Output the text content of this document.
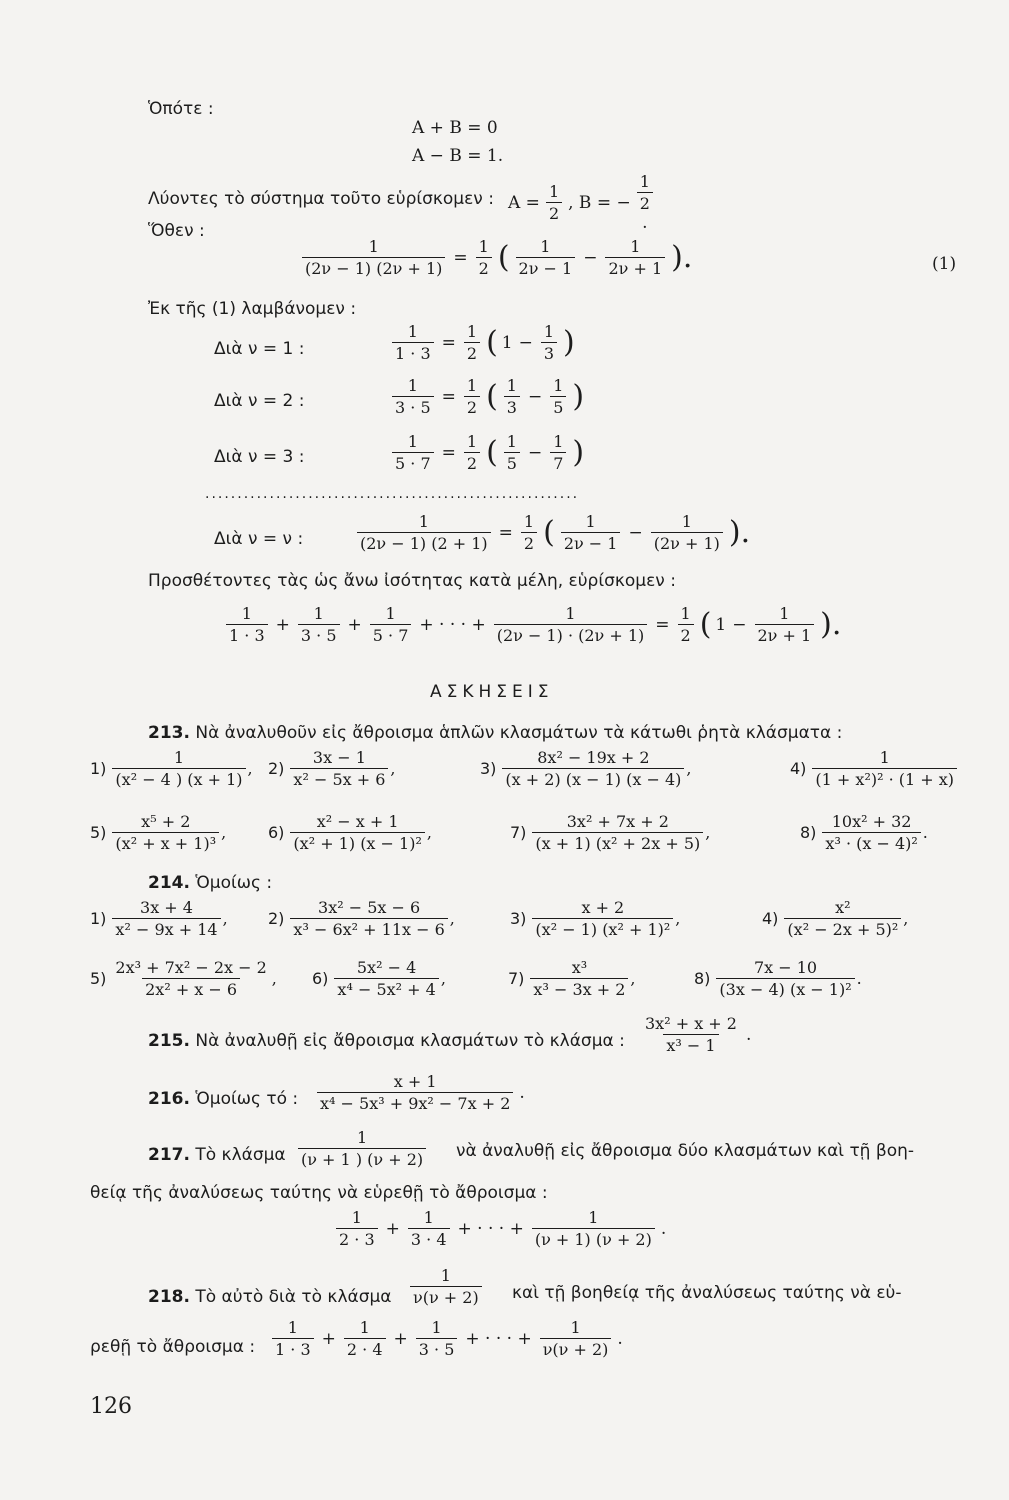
Ὁπότε :
A + B = 0
A − B = 1.
Λύοντες τὸ σύστημα τοῦτο εὑρίσκομεν : $A = \frac{1}{2}$ , B = −
1
2
.
Ὅθεν :
$\frac{1}{(2\nu - 1) (2\nu + 1)} = \frac{1}{2}$ ( $\frac{1}{2\nu - 1} - \frac{1}{2\nu + 1}$ ).	(1)
Ἐκ τῆς (1) λαμβάνομεν :
Διὰ ν = 1 :	$\frac{1}{1 \cdot 3} = \frac{1}{2}$ ( $1 - \frac{1}{3}$ )
Διὰ ν = 2 :	$\frac{1}{3 \cdot 5} = \frac{1}{2}$ ( $\frac{1}{3} - \frac{1}{5}$ )
Διὰ ν = 3 :	$\frac{1}{5 \cdot 7} = \frac{1}{2}$ ( $\frac{1}{5} - \frac{1}{7}$ )
..........................................................
Διὰ ν = ν :	$\frac{1}{(2\nu - 1) (2 + 1)} = \frac{1}{2}$ ( $\frac{1}{2\nu - 1} - \frac{1}{(2\nu + 1)}$ ).
Προσθέτοντες τὰς ὡς ἄνω ἰσότητας κατὰ μέλη, εὑρίσκομεν :
$\frac{1}{1 \cdot 3} + \frac{1}{3 \cdot 5} + \frac{1}{5 \cdot 7}$ + · · · + $\frac{1}{(2\nu - 1) \cdot (2\nu + 1)} = \frac{1}{2}$ ( $1 - \frac{1}{2\nu + 1}$ ).
ΑΣΚΗΣΕΙΣ
213. Νὰ ἀναλυθοῦν εἰς ἄθροισμα ἁπλῶν κλασμάτων τὰ κάτωθι ῥητὰ κλάσματα :
$1) \frac{1}{\text{(x² − 4 ) (x + 1)}}$ , $2) \frac{3x - 1}{\text{x² − 5x + 6}}$ ,	$3) \frac{\text{8x² − 19x + 2}}{(x + 2) (x - 1) (x - 4)}$ ,	$4) \frac{1}{\text{(1 + x²)² · (1 + x)}}$
$5) \frac{\text{x⁵ + 2}}{\text{(x² + x + 1)³}}$ ,	$6) \frac{\text{x² − x + 1}}{\text{(x² + 1) (x − 1)²}}$ ,	$7) \frac{\text{3x² + 7x + 2}}{\text{(x + 1) (x² + 2x + 5)}}$ ,	$8) \frac{\text{10x² + 32}}{\text{x³ · (x − 4)²}}$ .
214. Ὁμοίως :
$1) \frac{3x + 4}{\text{x² − 9x + 14}}$ ,	$2) \frac{\text{3x² − 5x − 6}}{\text{x³ − 6x² + 11x − 6}}$ ,	$3) \frac{x + 2}{\text{(x² − 1) (x² + 1)²}}$ ,	$4) \frac{\text{x²}}{\text{(x² − 2x + 5)²}}$ ,
$5) \frac{\text{2x³ + 7x² − 2x − 2}}{\text{2x² + x − 6}}$ , $6) \frac{\text{5x² − 4}}{\text{x⁴ − 5x² + 4}}$ ,	$7) \frac{\text{x³}}{\text{x³ − 3x + 2}}$ ,	$8) \frac{7x - 10}{\text{(3x − 4) (x − 1)²}}$ .
215. Νὰ ἀναλυθῇ εἰς ἄθροισμα κλασμάτων τὸ κλάσμα : $\frac{\text{3x² + x + 2}}{\text{x³ − 1}}$ .
216. Ὁμοίως τό : $\frac{x + 1}{\text{x⁴ − 5x³ + 9x² − 7x + 2}}$ .
217. Τὸ κλάσμα $\frac{1}{(\nu + 1 ) (\nu + 2)}$ νὰ ἀναλυθῇ εἰς ἄθροισμα δύο κλασμάτων καὶ τῇ βοη-
θείᾳ τῆς ἀναλύσεως ταύτης νὰ εὑρεθῇ τὸ ἄθροισμα :
$\frac{1}{2 \cdot 3} + \frac{1}{3 \cdot 4}$ + · · · + $\frac{1}{(\nu + 1) (\nu + 2)}$ .
218. Τὸ αὐτὸ διὰ τὸ κλάσμα $\frac{1}{\nu(\nu + 2)}$ καὶ τῇ βοηθείᾳ τῆς ἀναλύσεως ταύτης νὰ εὑ-
ρεθῇ τὸ ἄθροισμα : $\frac{1}{1 \cdot 3} + \frac{1}{2 \cdot 4} + \frac{1}{3 \cdot 5}$ + · · · + $\frac{1}{\nu(\nu + 2)}$ .
126
